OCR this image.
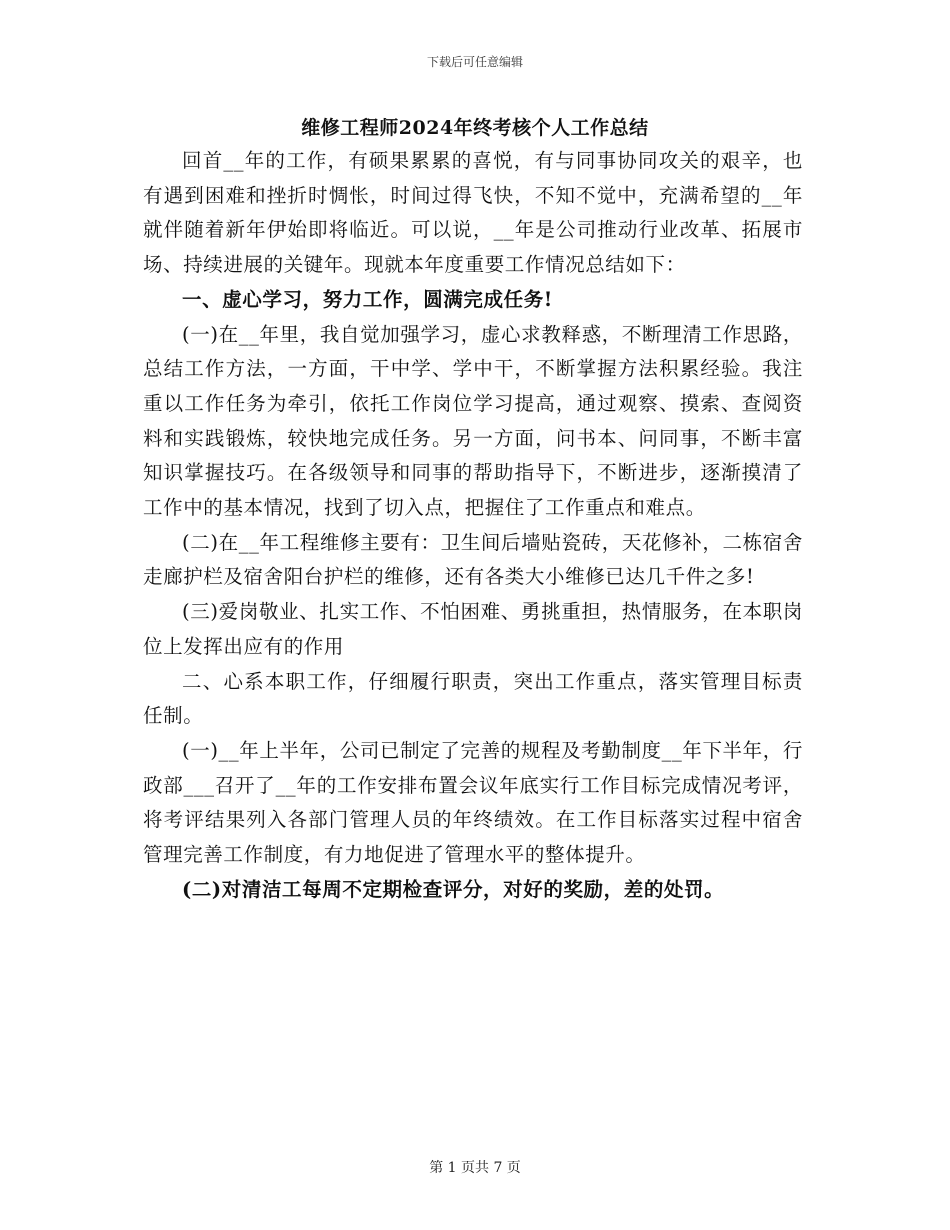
下载后可任意编辑
维修工程师2024年终考核个人工作总结

回首__年的工作，有硕果累累的喜悦，有与同事协同攻关的艰辛，也有遇到困难和挫折时惆怅，时间过得飞快，不知不觉中，充满希望的__年就伴随着新年伊始即将临近。可以说，__年是公司推动行业改革、拓展市场、持续进展的关键年。现就本年度重要工作情况总结如下：

一、虚心学习，努力工作，圆满完成任务!

(一)在__年里，我自觉加强学习，虚心求教释惑，不断理清工作思路，总结工作方法，一方面，干中学、学中干，不断掌握方法积累经验。我注重以工作任务为牵引，依托工作岗位学习提高，通过观察、摸索、查阅资料和实践锻炼，较快地完成任务。另一方面，问书本、问同事，不断丰富知识掌握技巧。在各级领导和同事的帮助指导下，不断进步，逐渐摸清了工作中的基本情况，找到了切入点，把握住了工作重点和难点。

(二)在__年工程维修主要有：卫生间后墙贴瓷砖，天花修补，二栋宿舍走廊护栏及宿舍阳台护栏的维修，还有各类大小维修已达几千件之多!

(三)爱岗敬业、扎实工作、不怕困难、勇挑重担，热情服务，在本职岗位上发挥出应有的作用

二、心系本职工作，仔细履行职责，突出工作重点，落实管理目标责任制。

(一)__年上半年，公司已制定了完善的规程及考勤制度__年下半年，行政部___召开了__年的工作安排布置会议年底实行工作目标完成情况考评，将考评结果列入各部门管理人员的年终绩效。在工作目标落实过程中宿舍管理完善工作制度，有力地促进了管理水平的整体提升。

(二)对清洁工每周不定期检查评分，对好的奖励，差的处罚。

第 1 页共 7 页
